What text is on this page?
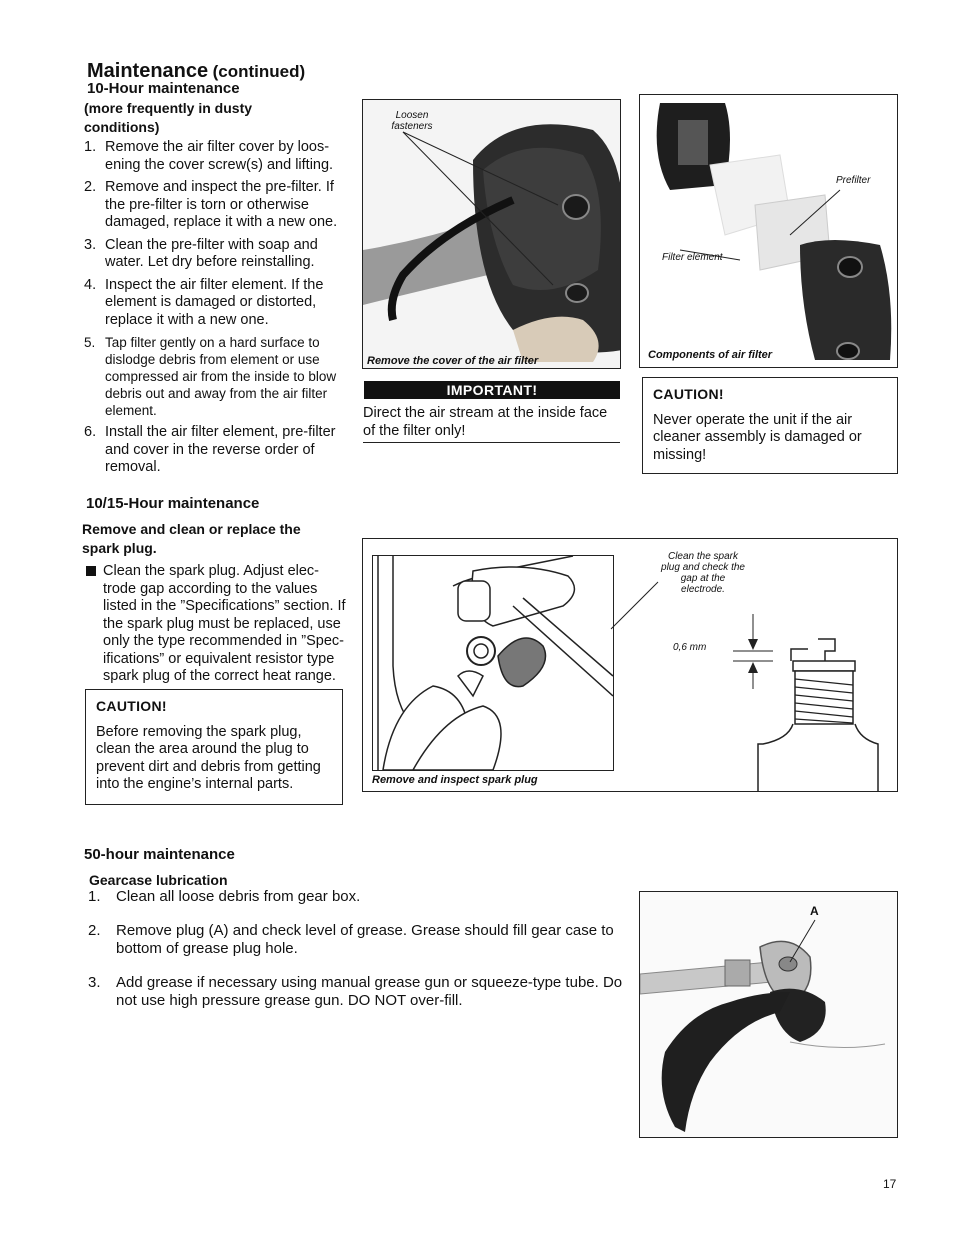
Maintenance (continued)
10-Hour maintenance
(more frequently in dusty conditions)
1. Remove the air filter cover by loos-ening the cover screw(s) and lifting.
2. Remove and inspect the pre-filter. If the pre-filter is torn or otherwise damaged, replace it with a new one.
3. Clean the pre-filter with soap and water. Let dry before reinstalling.
4. Inspect the air filter element. If the element is damaged or distorted, replace it with a new one.
5. Tap filter gently on a hard surface to dislodge debris from element or use compressed air from the inside to blow debris out and away from the air filter element.
6. Install the air filter element, pre-filter and cover in the reverse order of removal.
Loosen fasteners
Remove the cover of the air filter
Prefilter
Filter element
Components of air filter
IMPORTANT!
Direct the air stream at the inside face of the filter only!
CAUTION!
Never operate the unit if the air cleaner assembly is damaged or missing!
10/15-Hour maintenance
Remove and clean or replace the spark plug.
Clean the spark plug. Adjust elec-trode gap according to the values listed in the ”Specifications” section. If the spark plug must be replaced, use only the type recommended in ”Spec-ifications” or equivalent resistor type spark plug of the correct heat range.
CAUTION!
Before removing the spark plug, clean the area around the plug to prevent dirt and debris from getting into the engine’s internal parts.
Clean the spark plug and check the gap at the electrode.
0,6 mm
Remove and inspect spark plug
50-hour maintenance
Gearcase lubrication
1. Clean all loose debris from gear box.
2. Remove plug (A) and check level of grease. Grease should fill gear case to bottom of grease plug hole.
3. Add grease if necessary using manual grease gun or squeeze-type tube. Do not use high pressure grease gun. DO NOT over-fill.
A
17
